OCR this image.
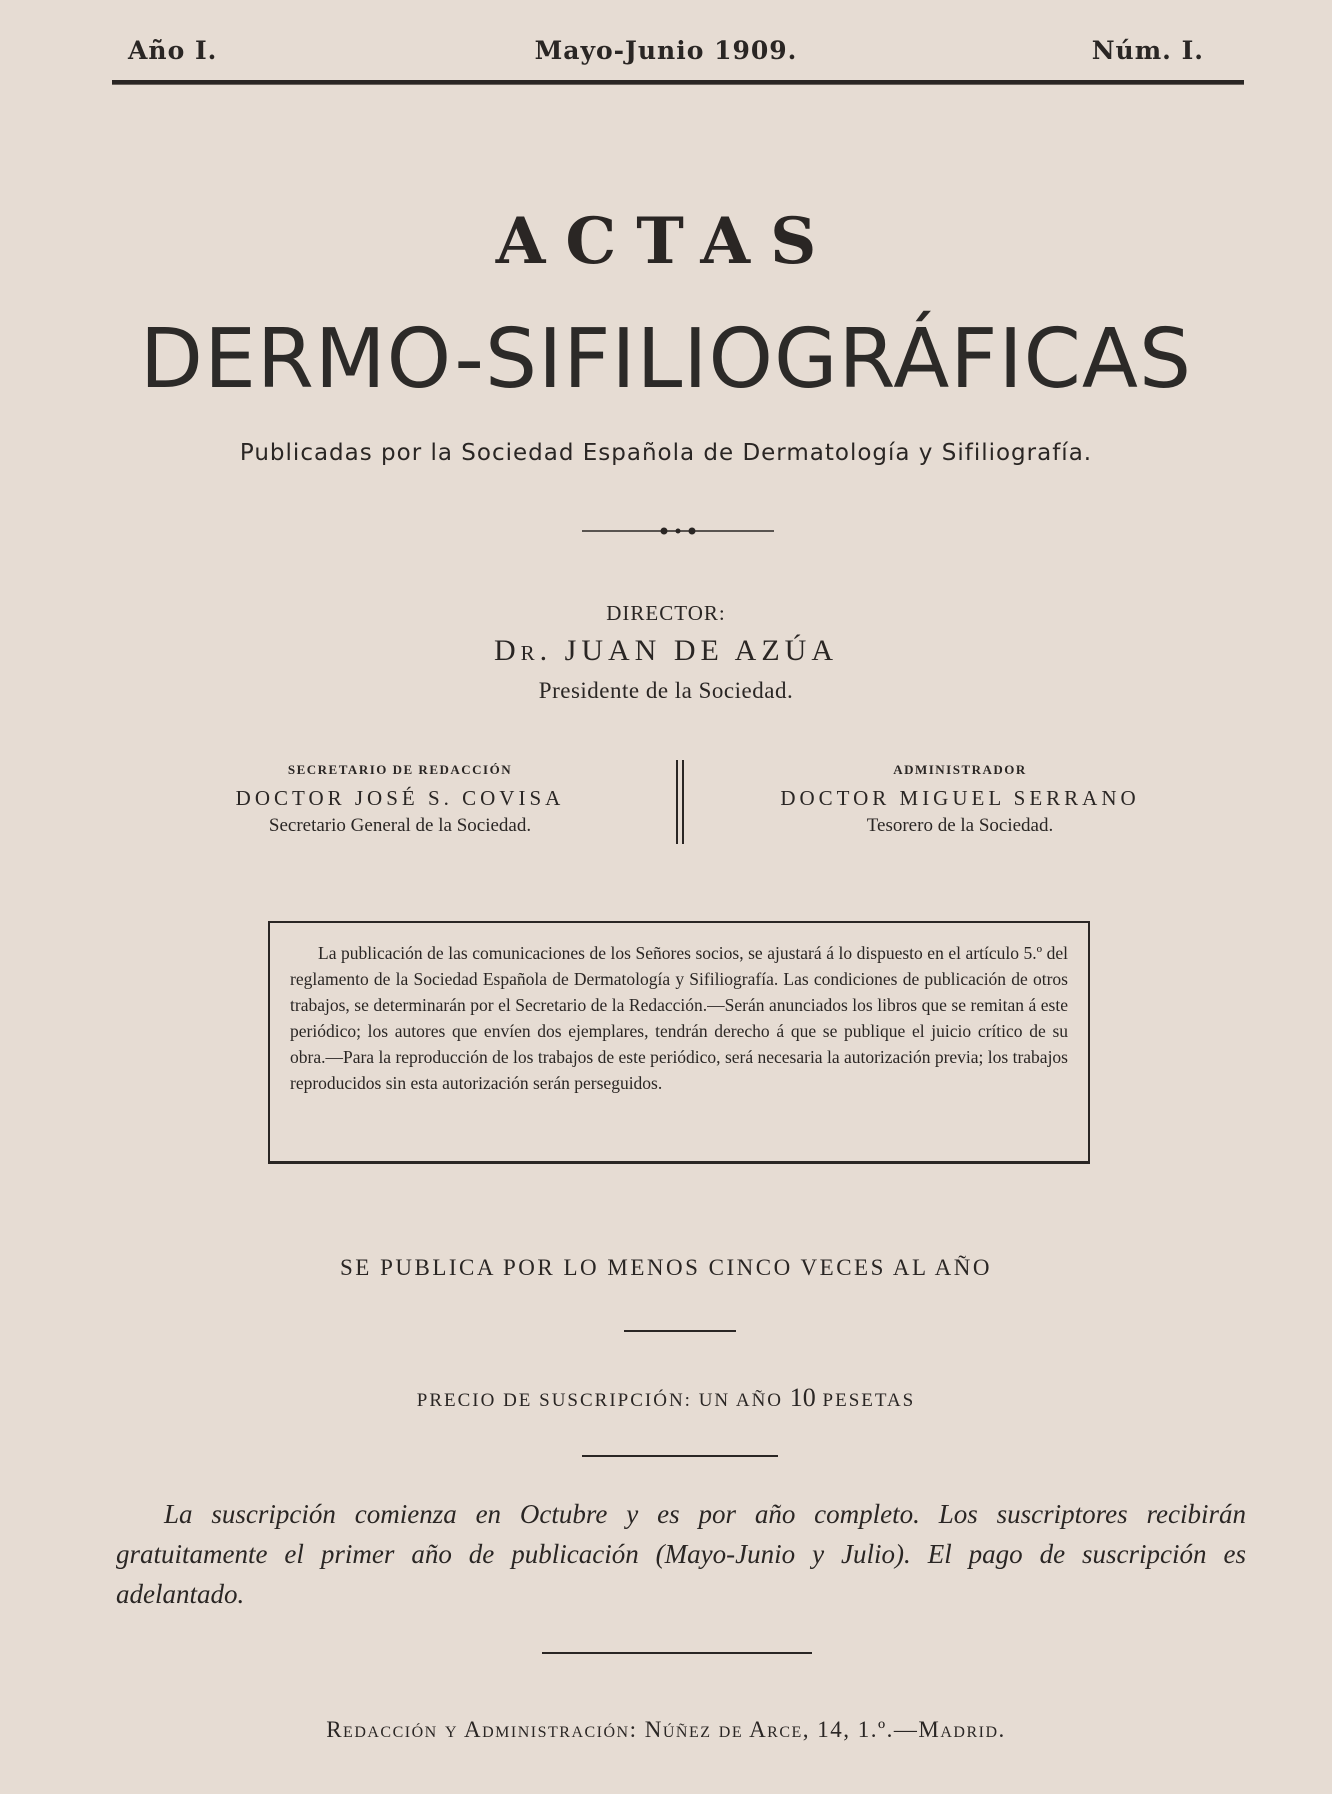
Año I.	Mayo-Junio 1909.	Núm. I.
ACTAS
DERMO-SIFILIOGRÁFICAS
Publicadas por la Sociedad Española de Dermatología y Sifiliografía.
DIRECTOR:
Dr. JUAN DE AZÚA
Presidente de la Sociedad.
SECRETARIO DE REDACCIÓN
DOCTOR JOSÉ S. COVISA
Secretario General de la Sociedad.
ADMINISTRADOR
DOCTOR MIGUEL SERRANO
Tesorero de la Sociedad.

La publicación de las comunicaciones de los Señores socios, se ajustará á lo dispuesto en el artículo 5.º del reglamento de la Sociedad Española de Dermatología y Sifiliografía. Las condiciones de publicación de otros trabajos, se determinarán por el Secretario de la Redacción.—Serán anunciados los libros que se remitan á este periódico; los autores que envíen dos ejemplares, tendrán derecho á que se publique el juicio crítico de su obra.—Para la reproducción de los trabajos de este periódico, será necesaria la autorización previa; los trabajos reproducidos sin esta autorización serán perseguidos.

SE PUBLICA POR LO MENOS CINCO VECES AL AÑO
PRECIO DE SUSCRIPCIÓN: UN AÑO 10 PESETAS
La suscripción comienza en Octubre y es por año completo. Los suscriptores recibirán gratuitamente el primer año de publicación (Mayo-Junio y Julio). El pago de suscripción es adelantado.
Redacción y Administración: Núñez de Arce, 14, 1.º.—Madrid.
